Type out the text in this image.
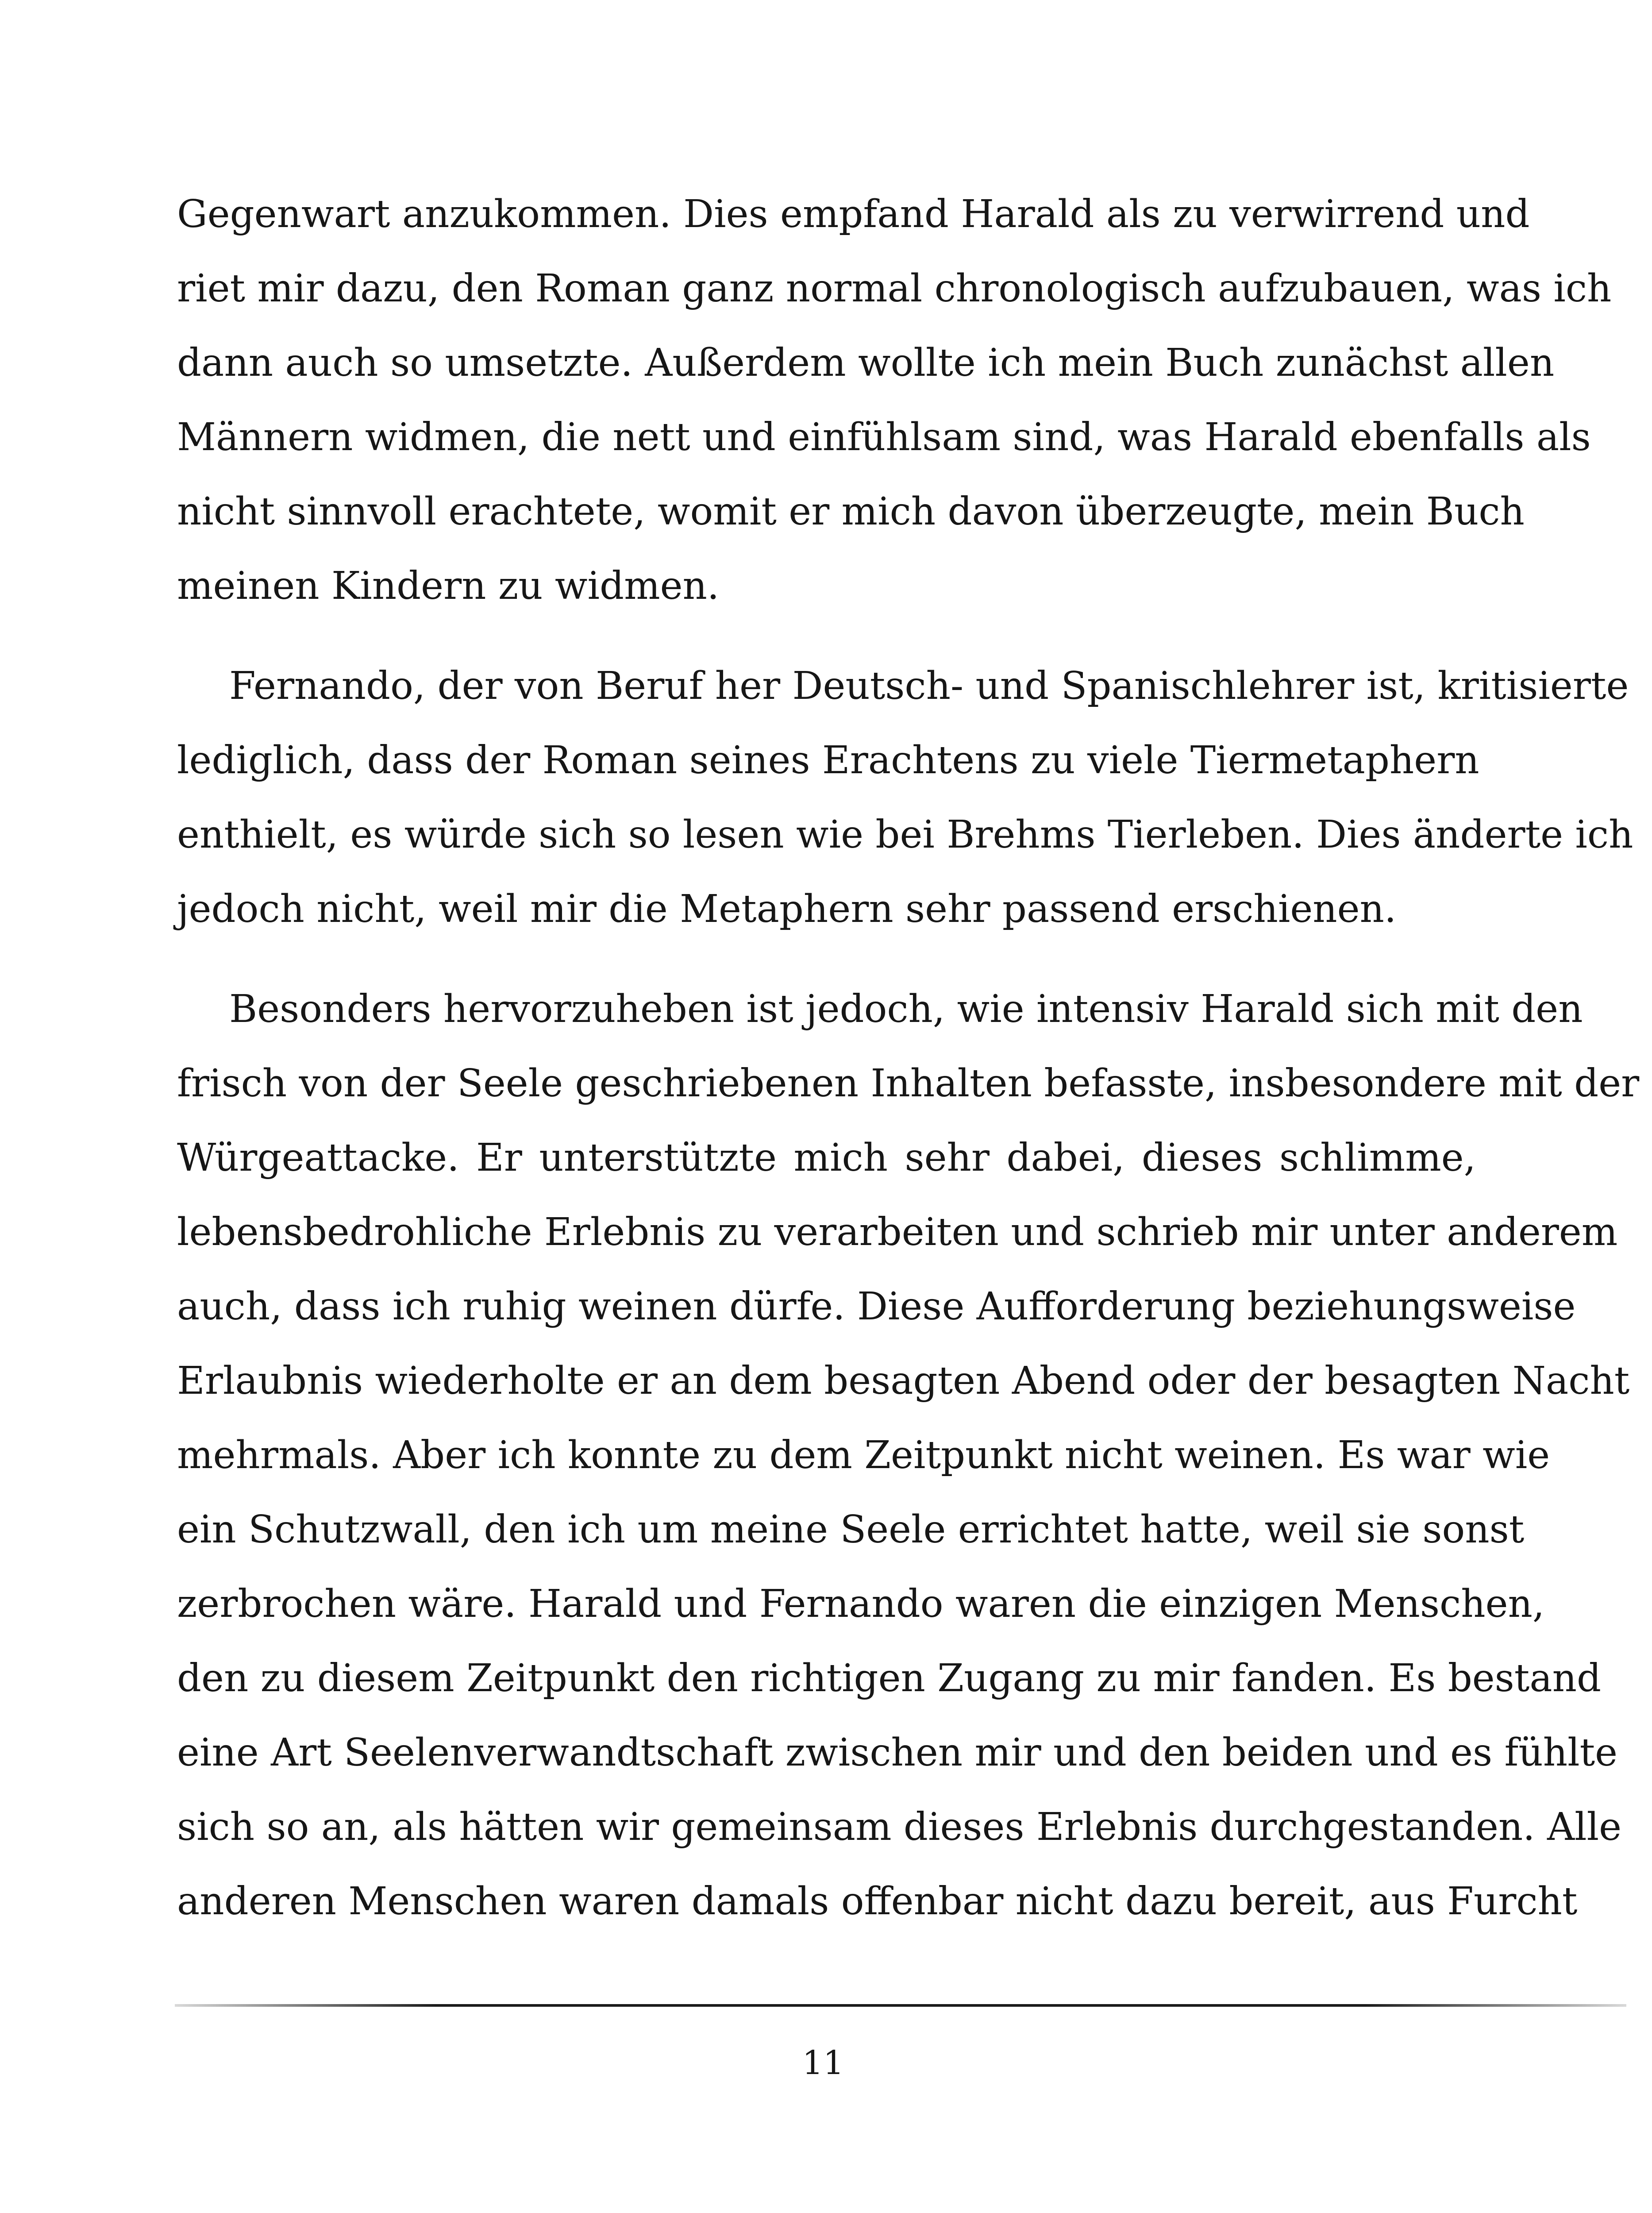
Gegenwart anzukommen. Dies empfand Harald als zu verwirrend und
riet mir dazu, den Roman ganz normal chronologisch aufzubauen, was ich
dann auch so umsetzte. Außerdem wollte ich mein Buch zunächst allen
Männern widmen, die nett und einfühlsam sind, was Harald ebenfalls als
nicht sinnvoll erachtete, womit er mich davon überzeugte, mein Buch
meinen Kindern zu widmen.
Fernando, der von Beruf her Deutsch- und Spanischlehrer ist, kritisierte
lediglich, dass der Roman seines Erachtens zu viele Tiermetaphern
enthielt, es würde sich so lesen wie bei Brehms Tierleben. Dies änderte ich
jedoch nicht, weil mir die Metaphern sehr passend erschienen.
Besonders hervorzuheben ist jedoch, wie intensiv Harald sich mit den
frisch von der Seele geschriebenen Inhalten befasste, insbesondere mit der
Würgeattacke. Er unterstützte mich sehr dabei, dieses schlimme,
lebensbedrohliche Erlebnis zu verarbeiten und schrieb mir unter anderem
auch, dass ich ruhig weinen dürfe. Diese Aufforderung beziehungsweise
Erlaubnis wiederholte er an dem besagten Abend oder der besagten Nacht
mehrmals. Aber ich konnte zu dem Zeitpunkt nicht weinen. Es war wie
ein Schutzwall, den ich um meine Seele errichtet hatte, weil sie sonst
zerbrochen wäre. Harald und Fernando waren die einzigen Menschen,
den zu diesem Zeitpunkt den richtigen Zugang zu mir fanden. Es bestand
eine Art Seelenverwandtschaft zwischen mir und den beiden und es fühlte
sich so an, als hätten wir gemeinsam dieses Erlebnis durchgestanden. Alle
anderen Menschen waren damals offenbar nicht dazu bereit, aus Furcht
11
